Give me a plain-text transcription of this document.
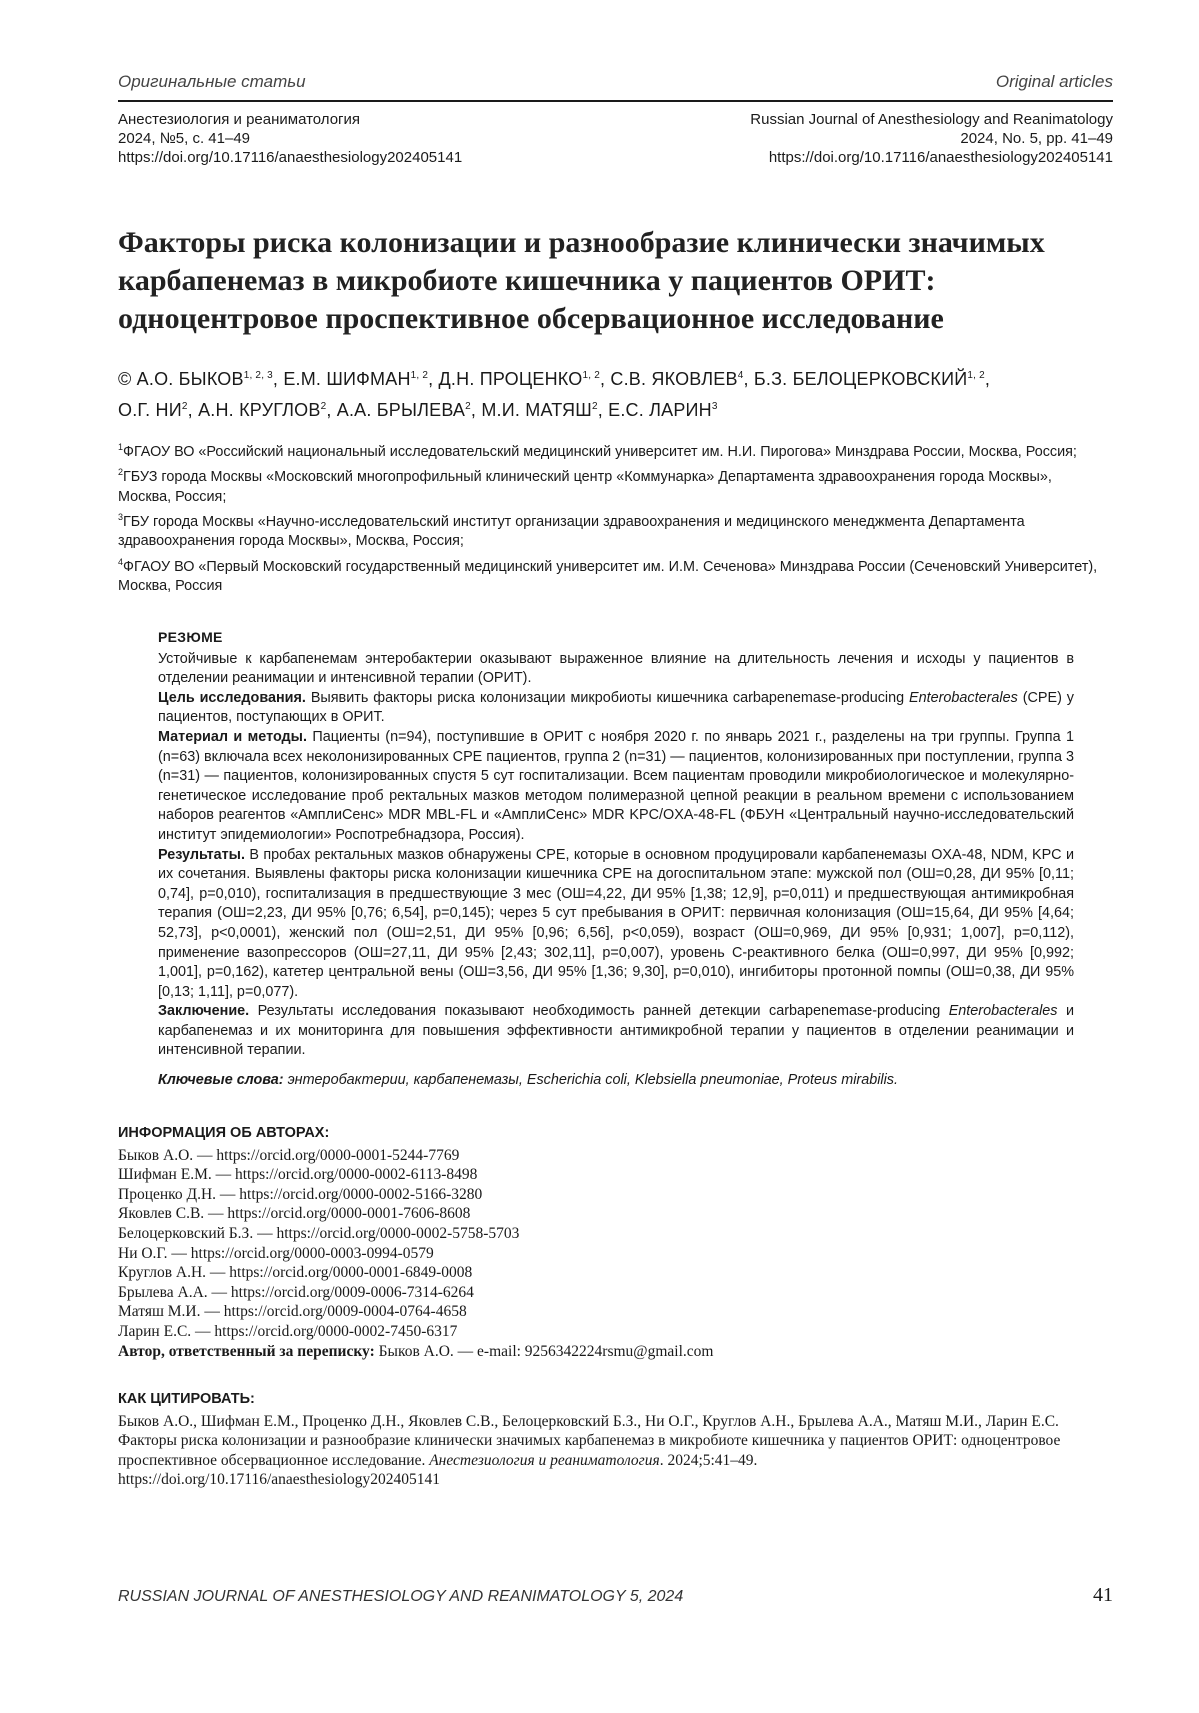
Оригинальные статьи	Original articles
Анестезиология и реаниматология
2024, №5, с. 41–49
https://doi.org/10.17116/anaesthesiology202405141
Russian Journal of Anesthesiology and Reanimatology
2024, No. 5, pp. 41–49
https://doi.org/10.17116/anaesthesiology202405141
Факторы риска колонизации и разнообразие клинически значимых
карбапенемаз в микробиоте кишечника у пациентов ОРИТ:
одноцентровое проспективное обсервационное исследование
© А.О. БЫКОВ$^{1, 2, 3}$, Е.М. ШИФМАН$^{1, 2}$, Д.Н. ПРОЦЕНКО$^{1, 2}$, С.В. ЯКОВЛЕВ$^4$, Б.З. БЕЛОЦЕРКОВСКИЙ$^{1, 2}$,
О.Г. $НИ^2$, А.Н. КРУГЛОВ$^2$, А.А. БРЫЛЕВА$^2$, М.И. МАТЯШ$^2$, Е.С. ЛАРИН$^3$

$^1$ФГАОУ ВО «Российский национальный исследовательский медицинский университет им. Н.И. Пирогова» Минздрава России, Москва, Россия;

$^2$ГБУЗ города Москвы «Московский многопрофильный клинический центр «Коммунарка» Департамента здравоохранения города Москвы», Москва, Россия;

$^3$ГБУ города Москвы «Научно-исследовательский институт организации здравоохранения и медицинского менеджмента Департамента здравоохранения города Москвы», Москва, Россия;

$^4$ФГАОУ ВО «Первый Московский государственный медицинский университет им. И.М. Сеченова» Минздрава России (Сеченовский Университет), Москва, Россия

РЕЗЮМЕ

Устойчивые к карбапенемам энтеробактерии оказывают выраженное влияние на длительность лечения и исходы у пациентов в отделении реанимации и интенсивной терапии (ОРИТ).

Цель исследования. Выявить факторы риска колонизации микробиоты кишечника carbapenemase-producing Enterobacterales (CPE) у пациентов, поступающих в ОРИТ.

Материал и методы. Пациенты (n=94), поступившие в ОРИТ с ноября 2020 г. по январь 2021 г., разделены на три группы. Группа 1 (n=63) включала всех неколонизированных CPE пациентов, группа 2 (n=31) — пациентов, колонизированных при поступлении, группа 3 (n=31) — пациентов, колонизированных спустя 5 сут госпитализации. Всем пациентам проводили микробиологическое и молекулярно-генетическое исследование проб ректальных мазков методом полимеразной цепной реакции в реальном времени с использованием наборов реагентов «АмплиСенс» MDR MBL-FL и «АмплиСенс» MDR KPC/OXA-48-FL (ФБУН «Центральный научно-исследовательский институт эпидемиологии» Роспотребнадзора, Россия).

Результаты. В пробах ректальных мазков обнаружены CPE, которые в основном продуцировали карбапенемазы OXA-48, NDM, KPC и их сочетания. Выявлены факторы риска колонизации кишечника CPE на догоспитальном этапе: мужской пол (ОШ=0,28, ДИ 95% [0,11; 0,74], p=0,010), госпитализация в предшествующие 3 мес (ОШ=4,22, ДИ 95% [1,38; 12,9], p=0,011) и предшествующая антимикробная терапия (ОШ=2,23, ДИ 95% [0,76; 6,54], p=0,145); через 5 сут пребывания в ОРИТ: первичная колонизация (ОШ=15,64, ДИ 95% [4,64; 52,73], p<0,0001), женский пол (ОШ=2,51, ДИ 95% [0,96; 6,56], p<0,059), возраст (ОШ=0,969, ДИ 95% [0,931; 1,007], p=0,112), применение вазопрессоров (ОШ=27,11, ДИ 95% [2,43; 302,11], p=0,007), уровень C-реактивного белка (ОШ=0,997, ДИ 95% [0,992; 1,001], p=0,162), катетер центральной вены (ОШ=3,56, ДИ 95% [1,36; 9,30], p=0,010), ингибиторы протонной помпы (ОШ=0,38, ДИ 95% [0,13; 1,11], p=0,077).

Заключение. Результаты исследования показывают необходимость ранней детекции carbapenemase-producing Enterobacterales и карбапенемаз и их мониторинга для повышения эффективности антимикробной терапии у пациентов в отделении реанимации и интенсивной терапии.

Ключевые слова: энтеробактерии, карбапенемазы, Escherichia coli, Klebsiella pneumoniae, Proteus mirabilis.

ИНФОРМАЦИЯ ОБ АВТОРАХ:

Быков А.О. — https://orcid.org/0000-0001-5244-7769

Шифман Е.М. — https://orcid.org/0000-0002-6113-8498

Проценко Д.Н. — https://orcid.org/0000-0002-5166-3280

Яковлев С.В. — https://orcid.org/0000-0001-7606-8608

Белоцерковский Б.З. — https://orcid.org/0000-0002-5758-5703

Ни О.Г. — https://orcid.org/0000-0003-0994-0579

Круглов А.Н. — https://orcid.org/0000-0001-6849-0008

Брылева А.А. — https://orcid.org/0009-0006-7314-6264

Матяш М.И. — https://orcid.org/0009-0004-0764-4658

Ларин Е.С. — https://orcid.org/0000-0002-7450-6317

Автор, ответственный за переписку: Быков А.О. — e-mail: 9256342224rsmu@gmail.com

КАК ЦИТИРОВАТЬ:

Быков А.О., Шифман Е.М., Проценко Д.Н., Яковлев С.В., Белоцерковский Б.З., Ни О.Г., Круглов А.Н., Брылева А.А., Матяш М.И., Ларин Е.С. Факторы риска колонизации и разнообразие клинически значимых карбапенемаз в микробиоте кишечника у пациентов ОРИТ: одноцентровое проспективное обсервационное исследование. Анестезиология и реаниматология. 2024;5:41–49.
https://doi.org/10.17116/anaesthesiology202405141

RUSSIAN JOURNAL OF ANESTHESIOLOGY AND REANIMATOLOGY 5, 2024	41
